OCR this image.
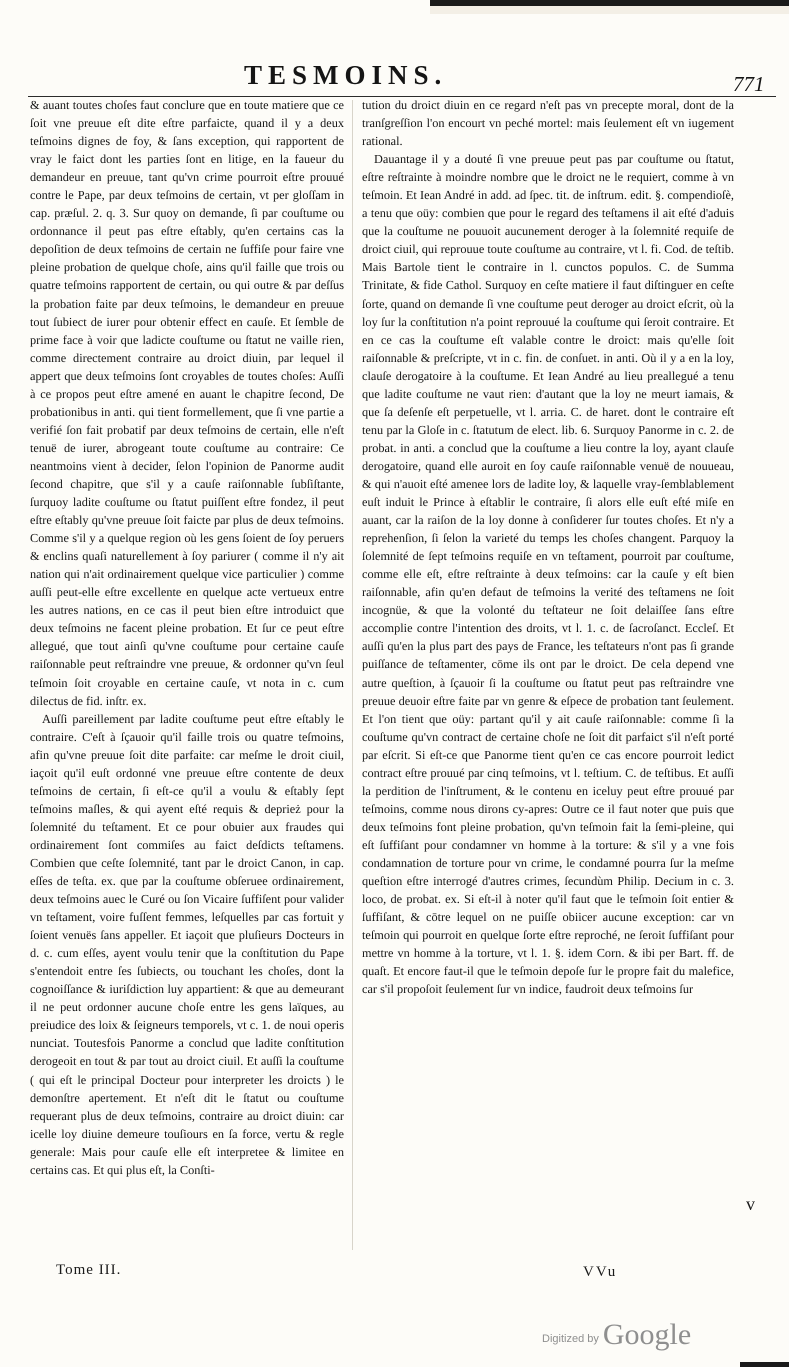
TESMOINS.	771

& auant toutes choſes faut conclure que en toute matiere que ce ſoit vne preuue eſt dite eſtre parfaicte, quand il y a deux teſmoins dignes de foy, & ſans exception, qui rapportent de vray le faict dont les parties ſont en litige, en la faueur du demandeur en preuue, tant qu'vn crime pourroit eſtre prouué contre le Pape, par deux teſmoins de certain, vt per gloſſam in cap. præſul. 2. q. 3. Sur quoy on demande, ſi par couſtume ou ordonnance il peut pas eſtre eſtably, qu'en certains cas la depoſition de deux teſmoins de certain ne ſuffiſe pour faire vne pleine probation de quelque choſe, ains qu'il faille que trois ou quatre teſmoins rapportent de certain, ou qui outre & par deſſus la probation faite par deux teſmoins, le demandeur en preuue tout ſubiect de iurer pour obtenir effect en cauſe. Et ſemble de prime face à voir que ladicte couſtume ou ſtatut ne vaille rien, comme directement contraire au droict diuin, par lequel il appert que deux teſmoins ſont croyables de toutes choſes: Auſſi à ce propos peut eſtre amené en auant le chapitre ſecond, De probationibus in anti. qui tient formellement, que ſi vne partie a verifié ſon fait probatif par deux teſmoins de certain, elle n'eſt tenuë de iurer, abrogeant toute couſtume au contraire: Ce neantmoins vient à decider, ſelon l'opinion de Panorme audit ſecond chapitre, que s'il y a cauſe raiſonnable ſubſiſtante, ſurquoy ladite couſtume ou ſtatut puiſſent eſtre fondez, il peut eſtre eſtably qu'vne preuue ſoit faicte par plus de deux teſmoins. Comme s'il y a quelque region où les gens ſoient de ſoy peruers & enclins quaſi naturellement à ſoy pariurer ( comme il n'y ait nation qui n'ait ordinairement quelque vice particulier ) comme auſſi peut-elle eſtre excellente en quelque acte vertueux entre les autres nations, en ce cas il peut bien eſtre introduict que deux teſmoins ne facent pleine probation. Et ſur ce peut eſtre allegué, que tout ainſi qu'vne couſtume pour certaine cauſe raiſonnable peut reſtraindre vne preuue, & ordonner qu'vn ſeul teſmoin ſoit croyable en certaine cauſe, vt nota in c. cum dilectus de fid. inſtr. ex.

Auſſi pareillement par ladite couſtume peut eſtre eſtably le contraire. C'eſt à ſçauoir qu'il faille trois ou quatre teſmoins, afin qu'vne preuue ſoit dite parfaite: car meſme le droit ciuil, iaçoit qu'il euſt ordonné vne preuue eſtre contente de deux teſmoins de certain, ſi eſt-ce qu'il a voulu & eſtably ſept teſmoins maſles, & qui ayent eſté requis & deprież pour la ſolemnité du teſtament. Et ce pour obuier aux fraudes qui ordinairement ſont commiſes au faict deſdicts teſtamens. Combien que ceſte ſolemnité, tant par le droict Canon, in cap. eſſes de teſta. ex. que par la couſtume obſeruee ordinairement, deux teſmoins auec le Curé ou ſon Vicaire ſuffiſent pour valider vn teſtament, voire fuſſent femmes, leſquelles par cas fortuit y ſoient venuës ſans appeller. Et iaçoit que pluſieurs Docteurs in d. c. cum eſſes, ayent voulu tenir que la conſtitution du Pape s'entendoit entre ſes ſubiects, ou touchant les choſes, dont la cognoiſſance & iuriſdiction luy appartient: & que au demeurant il ne peut ordonner aucune choſe entre les gens laïques, au preiudice des loix & ſeigneurs temporels, vt c. 1. de noui operis nunciat. Toutesfois Panorme a conclud que ladite conſtitution derogeoit en tout & par tout au droict ciuil. Et auſſi la couſtume ( qui eſt le principal Docteur pour interpreter les droicts ) le demonſtre apertement. Et n'eſt dit le ſtatut ou couſtume requerant plus de deux teſmoins, contraire au droict diuin: car icelle loy diuine demeure touſiours en ſa force, vertu & regle generale: Mais pour cauſe elle eſt interpretee & limitee en certains cas. Et qui plus eſt, la Conſti-

tution du droict diuin en ce regard n'eſt pas vn precepte moral, dont de la tranſgreſſion l'on encourt vn peché mortel: mais ſeulement eſt vn iugement rational.

Dauantage il y a douté ſi vne preuue peut pas par couſtume ou ſtatut, eſtre reſtrainte à moindre nombre que le droict ne le requiert, comme à vn teſmoin. Et Iean André in add. ad ſpec. tit. de inſtrum. edit. §. compendioſè, a tenu que oüy: combien que pour le regard des teſtamens il ait eſté d'aduis que la couſtume ne pouuoit aucunement deroger à la ſolemnité requiſe de droict ciuil, qui reprouue toute couſtume au contraire, vt l. fi. Cod. de teſtib. Mais Bartole tient le contraire in l. cunctos populos. C. de Summa Trinitate, & fide Cathol. Surquoy en ceſte matiere il faut diſtinguer en ceſte ſorte, quand on demande ſi vne couſtume peut deroger au droict eſcrit, où la loy ſur la conſtitution n'a point reprouué la couſtume qui ſeroit contraire. Et en ce cas la couſtume eſt valable contre le droict: mais qu'elle ſoit raiſonnable & preſcripte, vt in c. fin. de conſuet. in anti. Où il y a en la loy, clauſe derogatoire à la couſtume. Et Iean André au lieu preallegué a tenu que ladite couſtume ne vaut rien: d'autant que la loy ne meurt iamais, & que ſa deſenſe eſt perpetuelle, vt l. arria. C. de haret. dont le contraire eſt tenu par la Gloſe in c. ſtatutum de elect. lib. 6. Surquoy Panorme in c. 2. de probat. in anti. a conclud que la couſtume a lieu contre la loy, ayant clauſe derogatoire, quand elle auroit en ſoy cauſe raiſonnable venuë de nouueau, & qui n'auoit eſté amenee lors de ladite loy, & laquelle vray-ſemblablement euſt induit le Prince à eſtablir le contraire, ſi alors elle euſt eſté miſe en auant, car la raiſon de la loy donne à conſiderer ſur toutes choſes. Et n'y a reprehenſion, ſi ſelon la varieté du temps les choſes changent. Parquoy la ſolemnité de ſept teſmoins requiſe en vn teſtament, pourroit par couſtume, comme elle eſt, eſtre reſtrainte à deux teſmoins: car la cauſe y eſt bien raiſonnable, afin qu'en defaut de teſmoins la verité des teſtamens ne ſoit incognüe, & que la volonté du teſtateur ne ſoit delaiſſee ſans eſtre accomplie contre l'intention des droits, vt l. 1. c. de ſacroſanct. Eccleſ. Et auſſi qu'en la plus part des pays de France, les teſtateurs n'ont pas ſi grande puiſſance de teſtamenter, cōme ils ont par le droict. De cela depend vne autre queſtion, à ſçauoir ſi la couſtume ou ſtatut peut pas reſtraindre vne preuue deuoir eſtre faite par vn genre & eſpece de probation tant ſeulement. Et l'on tient que oüy: partant qu'il y ait cauſe raiſonnable: comme ſi la couſtume qu'vn contract de certaine choſe ne ſoit dit parfaict s'il n'eſt porté par eſcrit. Si eſt-ce que Panorme tient qu'en ce cas encore pourroit ledict contract eſtre prouué par cinq teſmoins, vt l. teſtium. C. de teſtibus. Et auſſi la perdition de l'inſtrument, & le contenu en iceluy peut eſtre prouué par teſmoins, comme nous dirons cy-apres: Outre ce il faut noter que puis que deux teſmoins font pleine probation, qu'vn teſmoin fait la ſemi-pleine, qui eſt ſuffiſant pour condamner vn homme à la torture: & s'il y a vne fois condamnation de torture pour vn crime, le condamné pourra ſur la meſme queſtion eſtre interrogé d'autres crimes, ſecundùm Philip. Decium in c. 3. loco, de probat. ex. Si eſt-il à noter qu'il faut que le teſmoin ſoit entier & ſuffiſant, & cōtre lequel on ne puiſſe obiicer aucune exception: car vn teſmoin qui pourroit en quelque ſorte eſtre reproché, ne ſeroit ſuffiſant pour mettre vn homme à la torture, vt l. 1. §. idem Corn. & ibi per Bart. ff. de quaſt. Et encore faut-il que le teſmoin depoſe ſur le propre fait du malefice, car s'il propoſoit ſeulement ſur vn indice, faudroit deux teſmoins ſur

Tome III.	VVu
v
Digitized by Google
